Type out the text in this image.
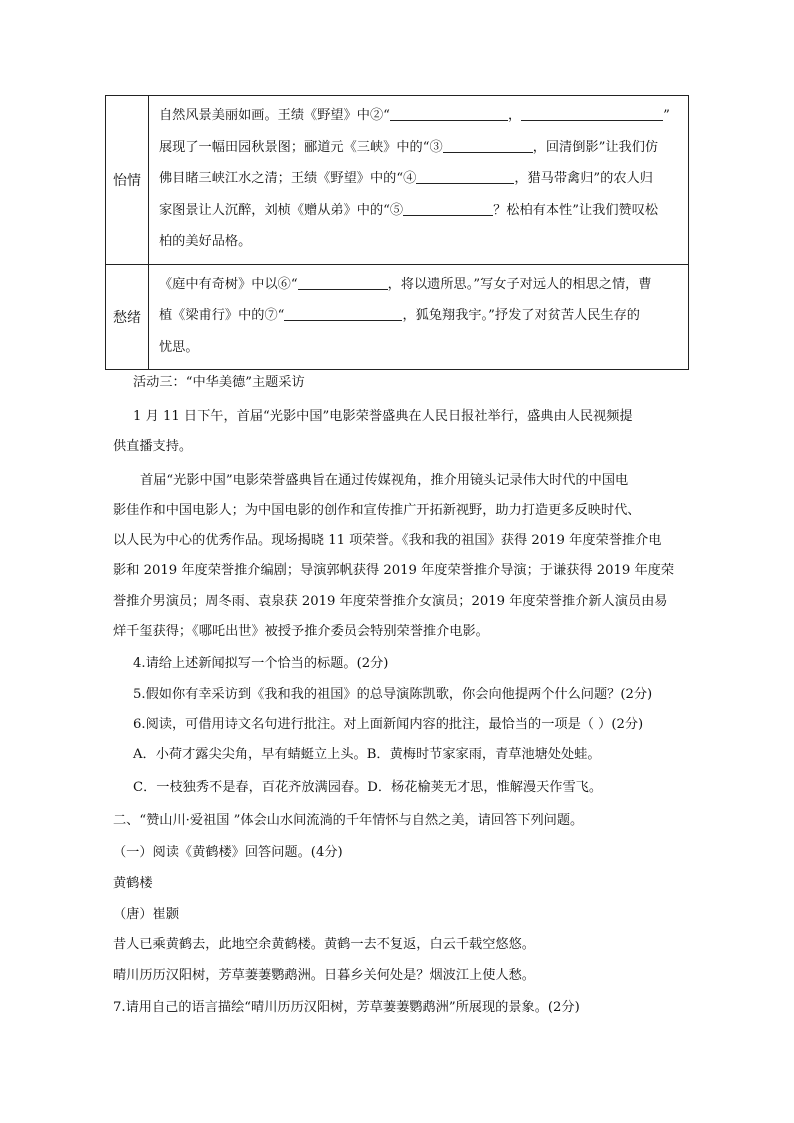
怡情	自然风景美丽如画。王绩《野望》中②“ ， ”
展现了一幅田园秋景图；郦道元《三峡》中的“③ ，回清倒影”让我们仿
佛目睹三峡江水之清；王绩《野望》中的“④ ，猎马带禽归”的农人归
家图景让人沉醉，刘桢《赠从弟》中的“⑤ ？松柏有本性”让我们赞叹松
柏的美好品格。
愁绪	《庭中有奇树》中以⑥“ ，将以遗所思。”写女子对远人的相思之情，曹
植《梁甫行》中的⑦“ ，狐兔翔我宇。”抒发了对贫苦人民生存的
忧思。
活动三：“中华美德”主题采访
1 月 11 日下午，首届“光影中国”电影荣誉盛典在人民日报社举行，盛典由人民视频提
供直播支持。
首届“光影中国”电影荣誉盛典旨在通过传媒视角，推介用镜头记录伟大时代的中国电
影佳作和中国电影人；为中国电影的创作和宣传推广开拓新视野，助力打造更多反映时代、
以人民为中心的优秀作品。现场揭晓 11 项荣誉。《我和我的祖国》获得 2019 年度荣誉推介电
影和 2019 年度荣誉推介编剧；导演郭帆获得 2019 年度荣誉推介导演；于谦获得 2019 年度荣
誉推介男演员；周冬雨、袁泉获 2019 年度荣誉推介女演员；2019 年度荣誉推介新人演员由易
烊千玺获得；《哪吒出世》被授予推介委员会特别荣誉推介电影。
4.请给上述新闻拟写一个恰当的标题。(2分)
5.假如你有幸采访到《我和我的祖国》的总导演陈凯歌，你会向他提两个什么问题？(2分)
6.阅读，可借用诗文名句进行批注。对上面新闻内容的批注，最恰当的一项是（ ）(2分)
A．小荷才露尖尖角，早有蜻蜓立上头。B．黄梅时节家家雨，青草池塘处处蛙。
C．一枝独秀不是春，百花齐放满园春。D．杨花榆荚无才思，惟解漫天作雪飞。
二、“赞山川·爱祖国 ”体会山水间流淌的千年情怀与自然之美，请回答下列问题。
（一）阅读《黄鹤楼》回答问题。(4分)
黄鹤楼
（唐）崔颢
昔人已乘黄鹤去，此地空余黄鹤楼。黄鹤一去不复返，白云千载空悠悠。
晴川历历汉阳树，芳草萋萋鹦鹉洲。日暮乡关何处是？烟波江上使人愁。
7.请用自己的语言描绘“晴川历历汉阳树，芳草萋萋鹦鹉洲”所展现的景象。(2分)
